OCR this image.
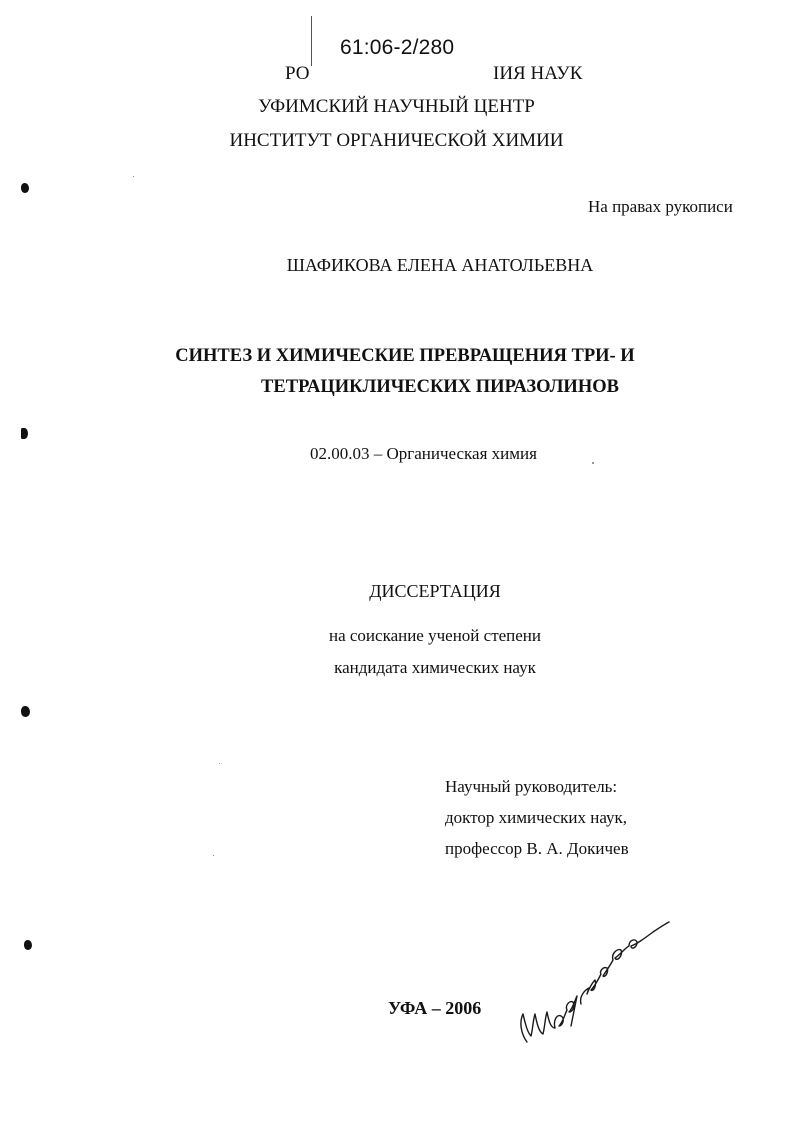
61:06-2/280
РО	ІИЯ НАУК
УФИМСКИЙ НАУЧНЫЙ ЦЕНТР
ИНСТИТУТ ОРГАНИЧЕСКОЙ ХИМИИ
На правах рукописи
ШАФИКОВА ЕЛЕНА АНАТОЛЬЕВНА
СИНТЕЗ И ХИМИЧЕСКИЕ ПРЕВРАЩЕНИЯ ТРИ- И
ТЕТРАЦИКЛИЧЕСКИХ ПИРАЗОЛИНОВ
02.00.03 – Органическая химия
ДИССЕРТАЦИЯ
на соискание ученой степени
кандидата химических наук
Научный руководитель:
доктор химических наук,
профессор В. А. Докичев
УФА – 2006
